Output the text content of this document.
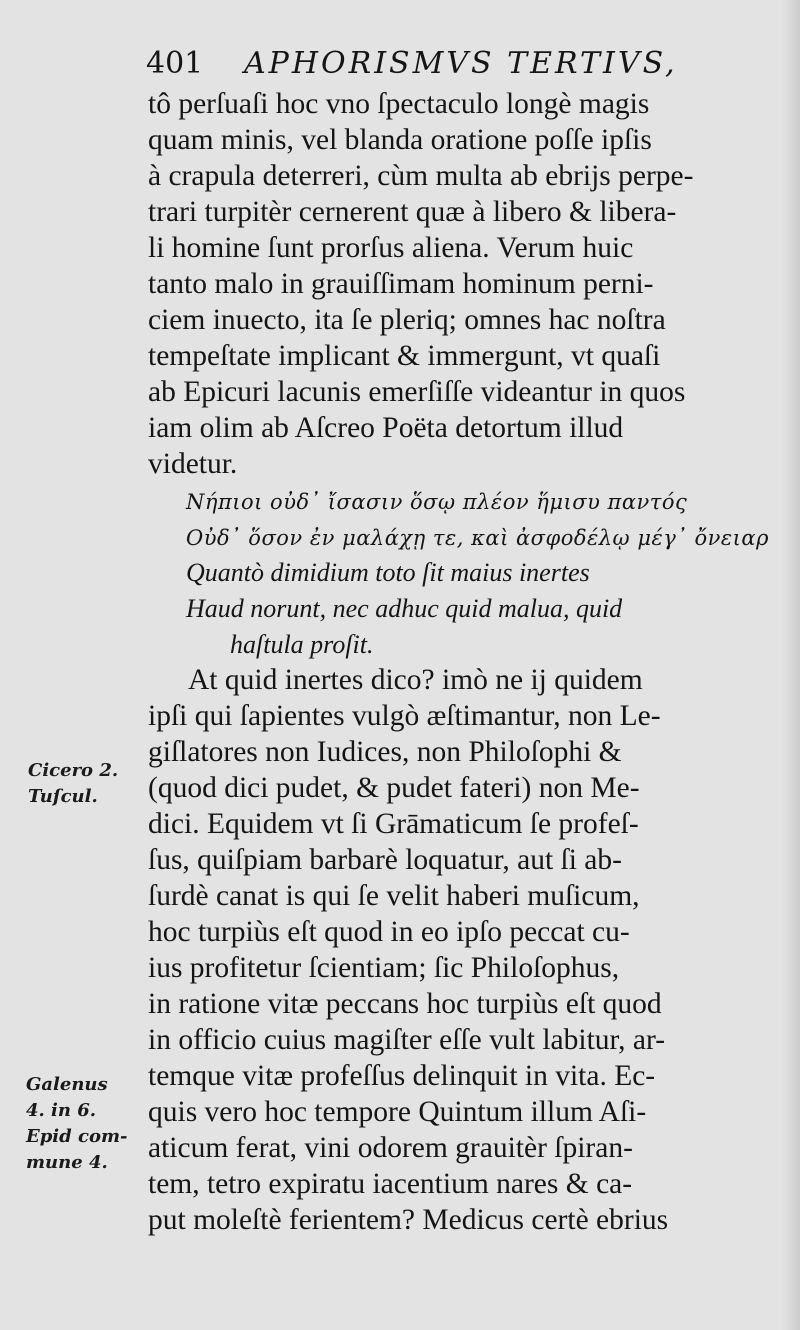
401 APHORISMVS TERTIVS,
tô perſuaſi hoc vno ſpectaculo longè magis
quam minis, vel blanda oratione poſſe ipſis
à crapula deterreri, cùm multa ab ebrijs perpe-
trari turpitèr cernerent quæ à libero & libera-
li homine ſunt prorſus aliena. Verum huic
tanto malo in grauiſſimam hominum perni-
ciem inuecto, ita ſe pleriq; omnes hac noſtra
tempeſtate implicant & immergunt, vt quaſi
ab Epicuri lacunis emerſiſſe videantur in quos
iam olim ab Aſcreo Poëta detortum illud
videtur.
Νήπιοι οὐδ᾽ ἴσασιν ὅσῳ πλέον ἥμισυ παντός
Οὐδ᾽ ὅσον ἐν μαλάχῃ τε, καὶ ἀσφοδέλῳ μέγ᾽ ὄνειαρ
Quantò dimidium toto ſit maius inertes
Haud norunt, nec adhuc quid malua, quid
haſtula proſit.
At quid inertes dico? imò ne ij quidem
ipſi qui ſapientes vulgò æſtimantur, non Le-
giſlatores non Iudices, non Philoſophi &
(quod dici pudet, & pudet fateri) non Me-
dici. Equidem vt ſi Grāmaticum ſe profeſ-
ſus, quiſpiam barbarè loquatur, aut ſi ab-
ſurdè canat is qui ſe velit haberi muſicum,
hoc turpiùs eſt quod in eo ipſo peccat cu-
ius profitetur ſcientiam; ſic Philoſophus,
in ratione vitæ peccans hoc turpiùs eſt quod
in officio cuius magiſter eſſe vult labitur, ar-
temque vitæ profeſſus delinquit in vita. Ec-
quis vero hoc tempore Quintum illum Aſi-
aticum ferat, vini odorem grauitèr ſpiran-
tem, tetro expiratu iacentium nares & ca-
put moleſtè ferientem? Medicus certè ebrius
Cicero 2.
Tuſcul.
Galenus
4. in 6.
Epid com-
mune 4.
